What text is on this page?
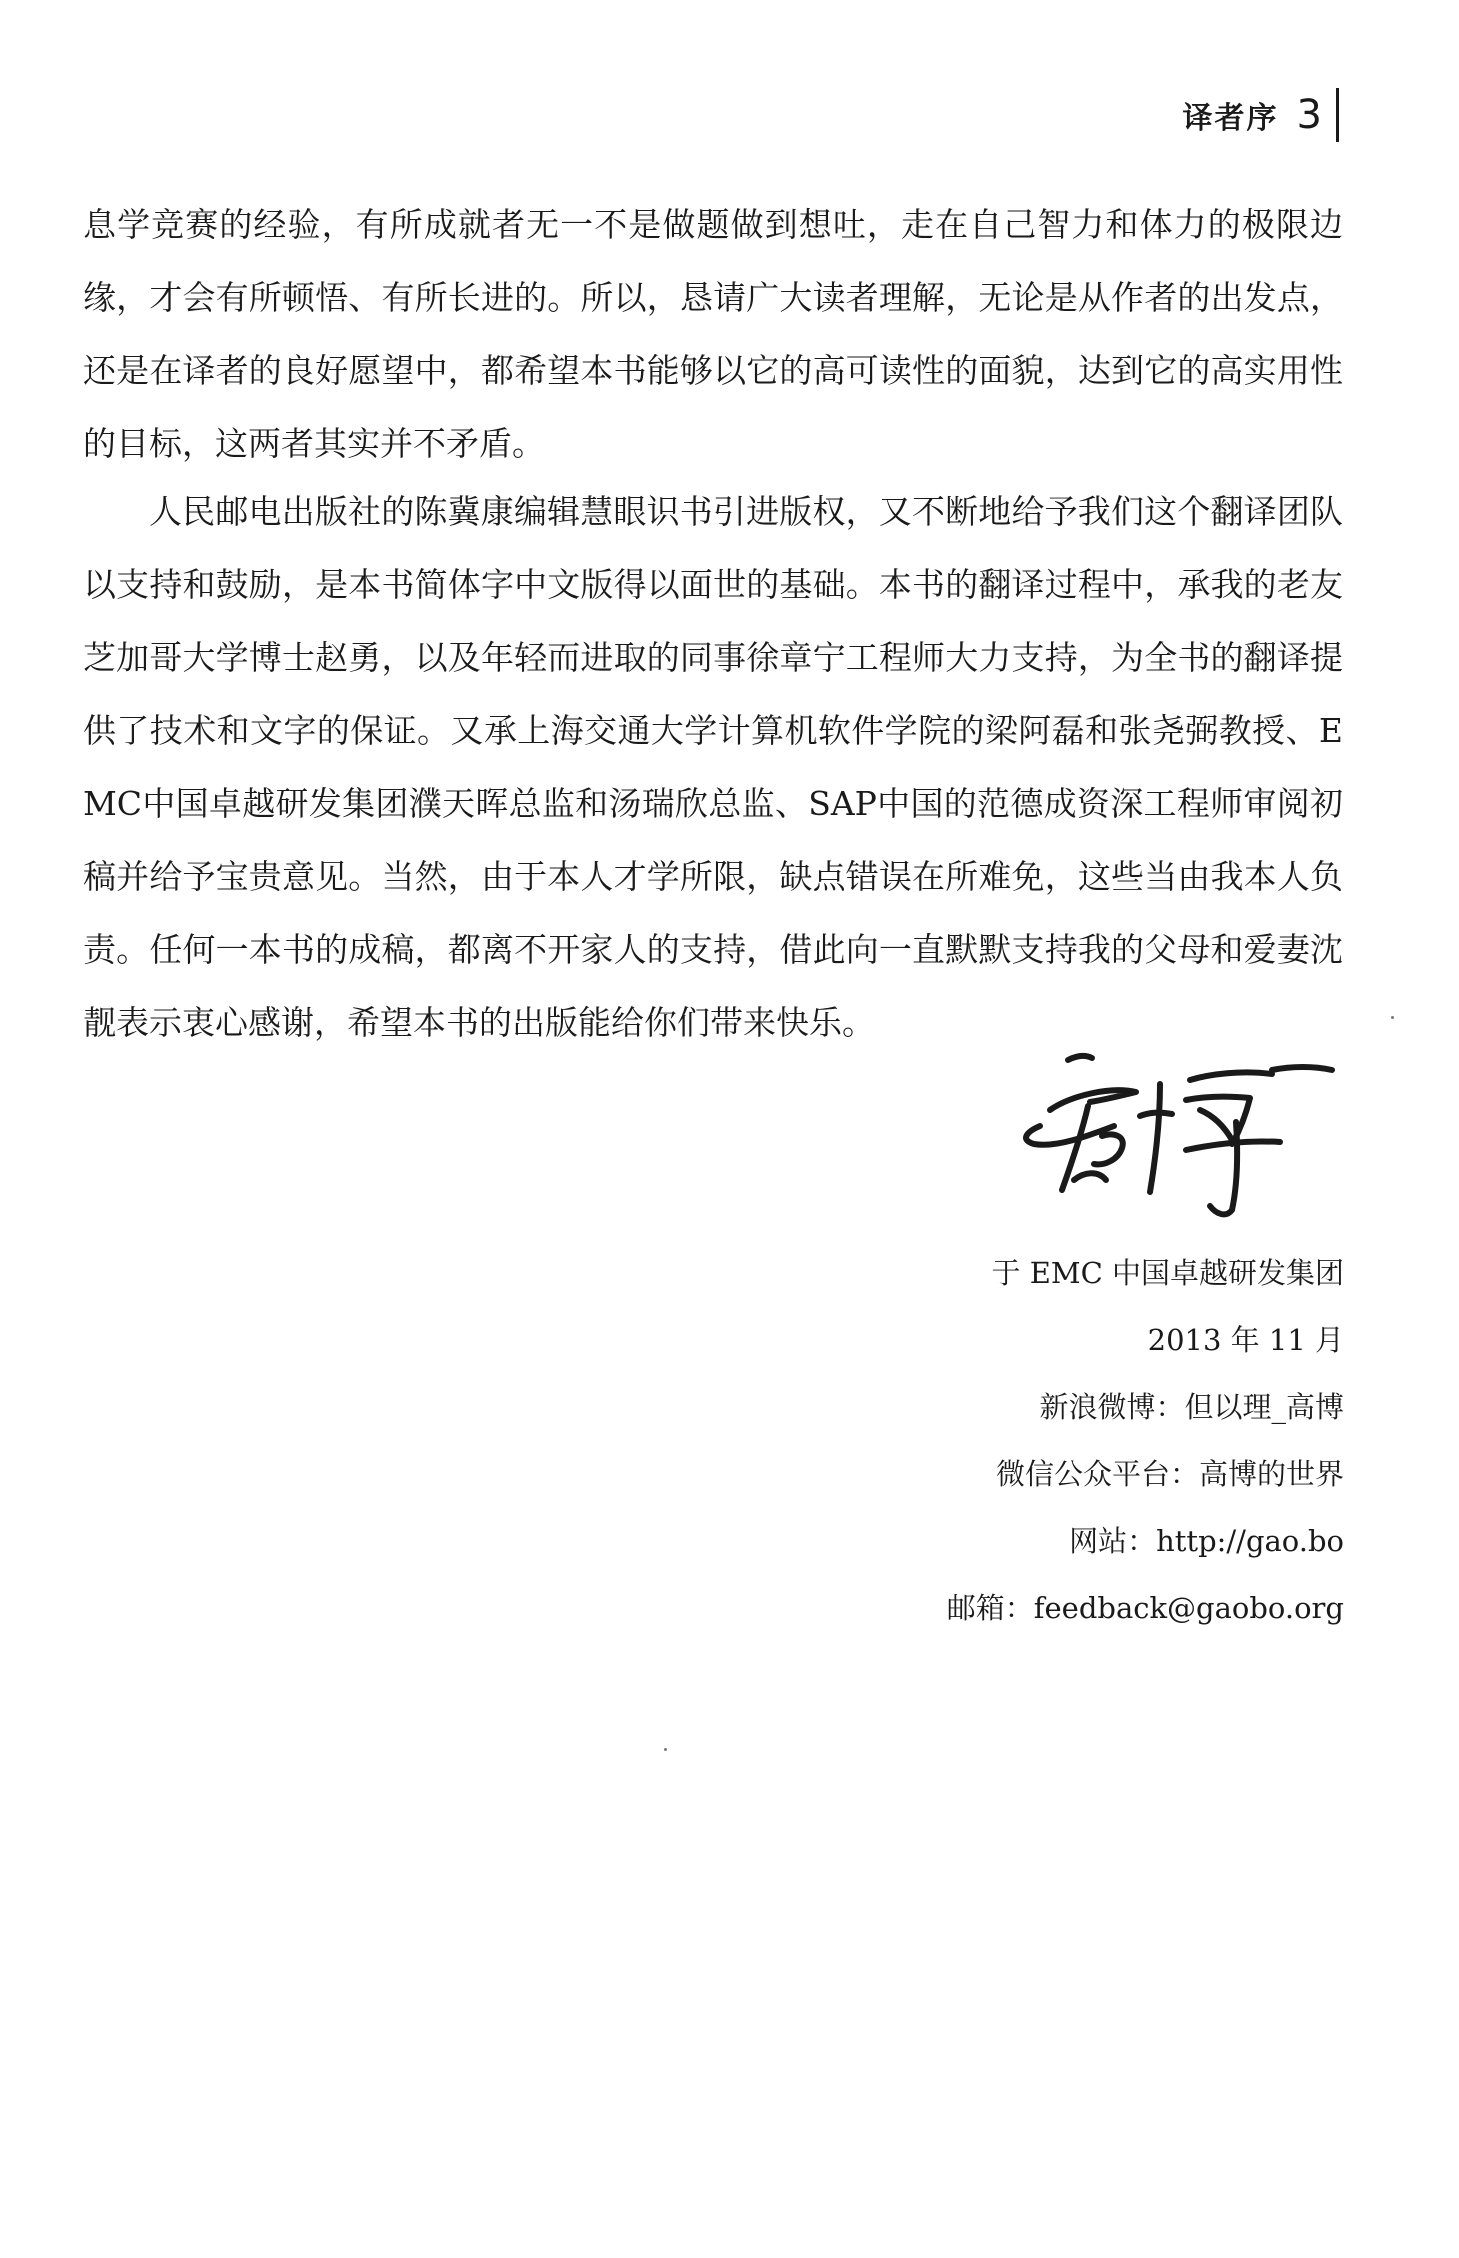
译者序 3

息学竞赛的经验，有所成就者无一不是做题做到想吐，走在自己智力和体力的极限边缘，才会有所顿悟、有所长进的。所以，恳请广大读者理解，无论是从作者的出发点，还是在译者的良好愿望中，都希望本书能够以它的高可读性的面貌，达到它的高实用性的目标，这两者其实并不矛盾。

人民邮电出版社的陈冀康编辑慧眼识书引进版权，又不断地给予我们这个翻译团队以支持和鼓励，是本书简体字中文版得以面世的基础。本书的翻译过程中，承我的老友芝加哥大学博士赵勇，以及年轻而进取的同事徐章宁工程师大力支持，为全书的翻译提供了技术和文字的保证。又承上海交通大学计算机软件学院的梁阿磊和张尧弼教授、EMC中国卓越研发集团濮天晖总监和汤瑞欣总监、SAP中国的范德成资深工程师审阅初稿并给予宝贵意见。当然，由于本人才学所限，缺点错误在所难免，这些当由我本人负责。任何一本书的成稿，都离不开家人的支持，借此向一直默默支持我的父母和爱妻沈靓表示衷心感谢，希望本书的出版能给你们带来快乐。

于 EMC 中国卓越研发集团
2013 年 11 月
新浪微博：但以理_高博
微信公众平台：高博的世界
网站：http://gao.bo
邮箱：feedback@gaobo.org
